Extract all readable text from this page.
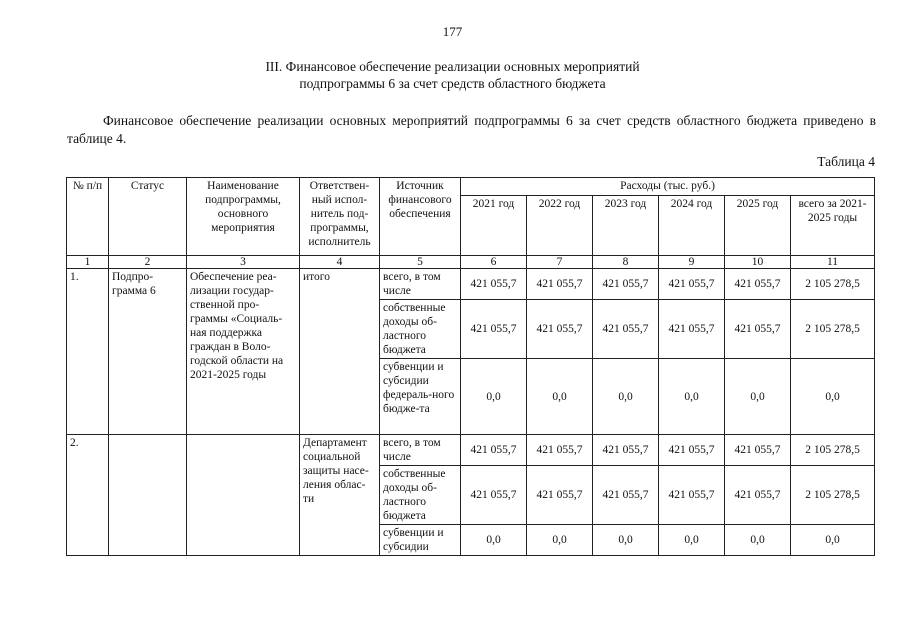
177
III. Финансовое обеспечение реализации основных мероприятий
подпрограммы 6 за счет средств областного бюджета
Финансовое обеспечение реализации основных мероприятий подпрограммы 6 за счет средств областного бюджета приведено в таблице 4.
Таблица 4
№ п/п	Статус	Наименование подпрограммы, основного мероприятия	Ответствен-ный испол-нитель под-программы, исполнитель	Источник финансового обеспечения	Расходы (тыс. руб.)					
					2021 год	2022 год	2023 год	2024 год	2025 год	всего за 2021-2025 годы
1	2	3	4	5	6	7	8	9	10	11
1.	Подпро-грамма 6	Обеспечение реа-лизации государ-ственной про-граммы «Социаль-ная поддержка граждан в Воло-годской области на 2021-2025 годы	итого	всего, в том числе	421 055,7	421 055,7	421 055,7	421 055,7	421 055,7	2 105 278,5
				собственные доходы об-ластного бюджета	421 055,7	421 055,7	421 055,7	421 055,7	421 055,7	2 105 278,5
				субвенции и субсидии федераль-ного бюдже-та	0,0	0,0	0,0	0,0	0,0	0,0
2.			Департамент социальной защиты насе-ления облас-ти	всего, в том числе	421 055,7	421 055,7	421 055,7	421 055,7	421 055,7	2 105 278,5
				собственные доходы об-ластного бюджета	421 055,7	421 055,7	421 055,7	421 055,7	421 055,7	2 105 278,5
				субвенции и субсидии	0,0	0,0	0,0	0,0	0,0	0,0
